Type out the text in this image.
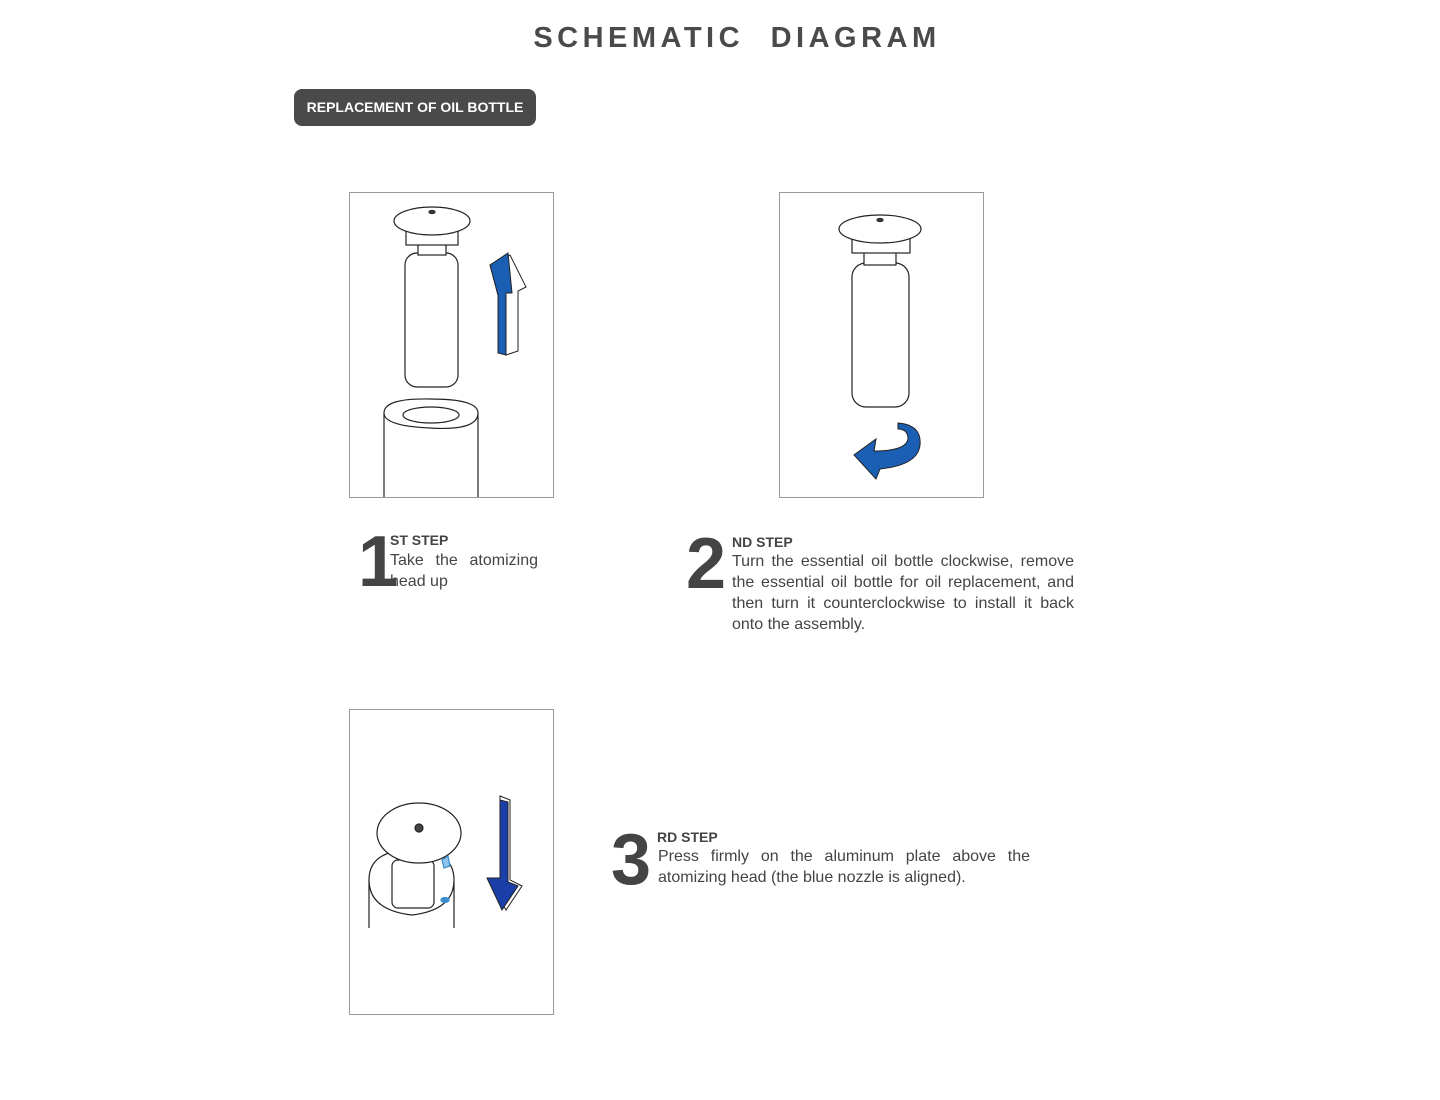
SCHEMATIC DIAGRAM
REPLACEMENT OF OIL BOTTLE
1
ST STEP
Take the atomizing head up	2 ND STEP
Turn the essential oil bottle clockwise, remove the essential oil bottle for oil replacement, and then turn it counterclockwise to install it back onto the assembly.
3 RD STEP
Press firmly on the aluminum plate above the atomizing head (the blue nozzle is aligned).
